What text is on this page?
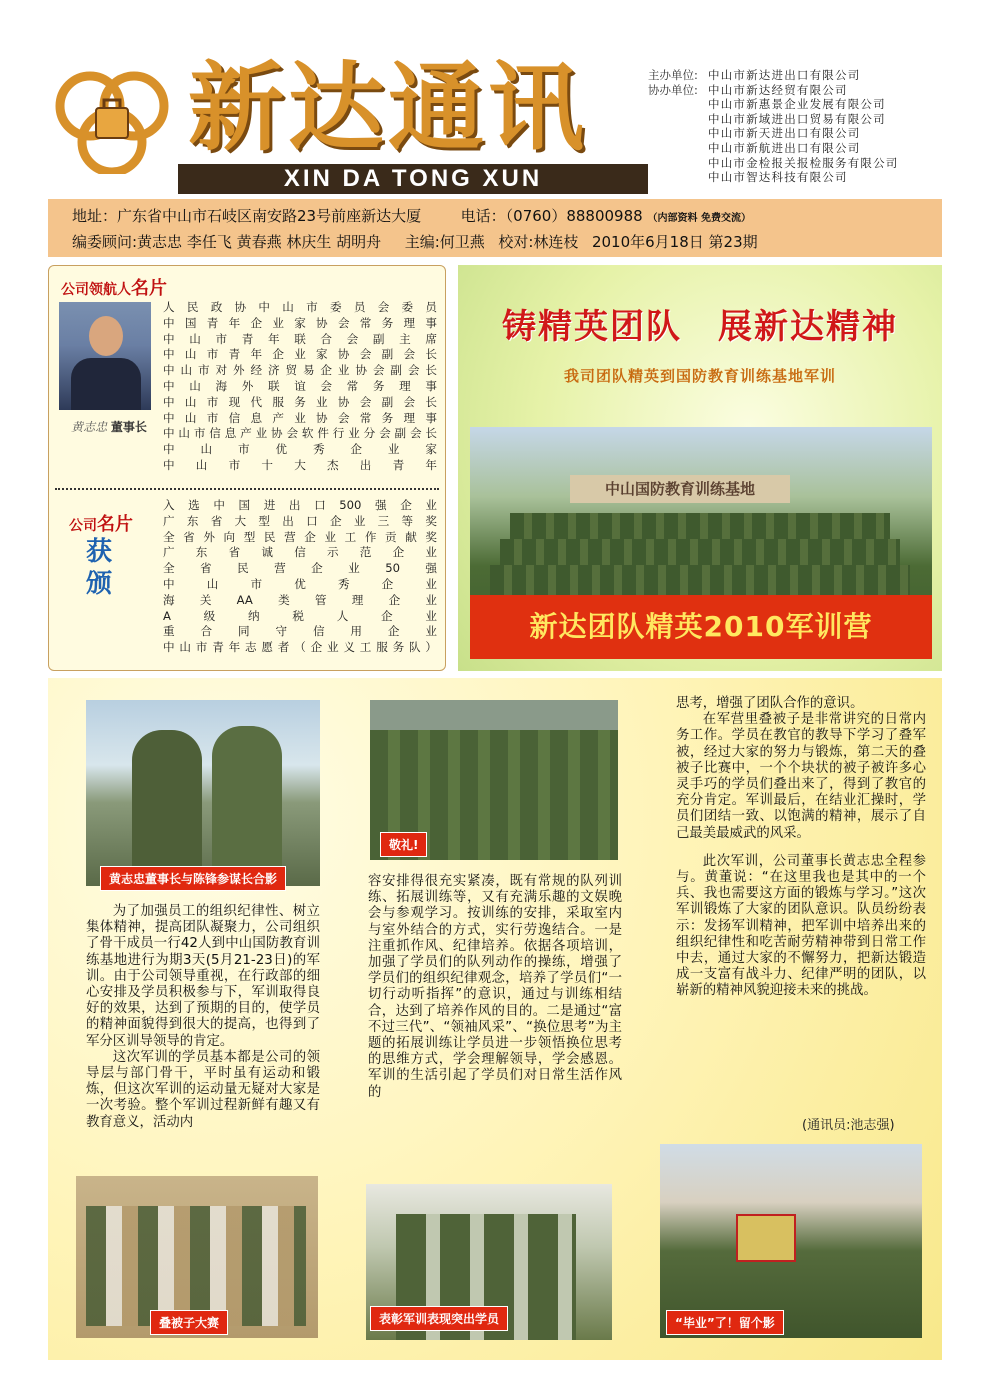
新达通讯
XIN DA TONG XUN
主办单位: 中山市新达进出口有限公司
协办单位: 中山市新达经贸有限公司
中山市新惠景企业发展有限公司
中山市新域进出口贸易有限公司
中山市新天进出口有限公司
中山市新航进出口有限公司
中山市金检报关报检服务有限公司
中山市智达科技有限公司
地址：广东省中山市石岐区南安路23号前座新达大厦	电话：（0760）88800988 （内部资料 免费交流）
编委顾问:黄志忠 李任飞 黄春燕 林庆生 胡明舟 主编:何卫燕 校对:林连枝 2010年6月18日 第23期
公司领航人名片
黄志忠 董事长
人民政协中山市委员会委员
中国青年企业家协会常务理事
中山市青年联合会副主席
中山市青年企业家协会副会长
中山市对外经济贸易企业协会副会长
中山海外联谊会常务理事
中山市现代服务业协会副会长
中山市信息产业协会常务理事
中山市信息产业协会软件行业分会副会长
中山市优秀企业家
中山市十大杰出青年
公司名片
获颁
入选中国进出口500强企业
广东省大型出口企业三等奖
全省外向型民营企业工作贡献奖
广东省诚信示范企业
全省民营企业50强
中山市优秀企业
海关AA类管理企业
A级纳税人企业
重合同守信用企业
中山市青年志愿者（企业义工服务队）
铸精英团队　展新达精神
我司团队精英到国防教育训练基地军训
中山国防教育训练基地
新达团队精英2010军训营
黄志忠董事长与陈锋参谋长合影
敬礼!

为了加强员工的组织纪律性、树立集体精神，提高团队凝聚力，公司组织了骨干成员一行42人到中山国防教育训练基地进行为期3天(5月21-23日)的军训。由于公司领导重视，在行政部的细心安排及学员积极参与下，军训取得良好的效果，达到了预期的目的，使学员的精神面貌得到很大的提高，也得到了军分区训导领导的肯定。

这次军训的学员基本都是公司的领导层与部门骨干，平时虽有运动和锻炼，但这次军训的运动量无疑对大家是一次考验。整个军训过程新鲜有趣又有教育意义，活动内

容安排得很充实紧凑，既有常规的队列训练、拓展训练等，又有充满乐趣的文娱晚会与参观学习。按训练的安排，采取室内与室外结合的方式，实行劳逸结合。一是注重抓作风、纪律培养。依据各项培训，加强了学员们的队列动作的操练，增强了学员们的组织纪律观念，培养了学员们“一切行动听指挥”的意识，通过与训练相结合，达到了培养作风的目的。二是通过“富不过三代”、“领袖风采”、“换位思考”为主题的拓展训练让学员进一步领悟换位思考的思维方式，学会理解领导，学会感恩。军训的生活引起了学员们对日常生活作风的

思考，增强了团队合作的意识。

在军营里叠被子是非常讲究的日常内务工作。学员在教官的教导下学习了叠军被，经过大家的努力与锻炼，第二天的叠被子比赛中，一个个块状的被子被许多心灵手巧的学员们叠出来了，得到了教官的充分肯定。军训最后，在结业汇操时，学员们团结一致、以饱满的精神，展示了自己最美最威武的风采。

此次军训，公司董事长黄志忠全程参与。黄董说：“在这里我也是其中的一个兵、我也需要这方面的锻炼与学习。”这次军训锻炼了大家的团队意识。队员纷纷表示：发扬军训精神，把军训中培养出来的组织纪律性和吃苦耐劳精神带到日常工作中去，通过大家的不懈努力，把新达锻造成一支富有战斗力、纪律严明的团队，以崭新的精神风貌迎接未来的挑战。

(通讯员:池志强)
叠被子大赛	表彰军训表现突出学员	“毕业”了！留个影
